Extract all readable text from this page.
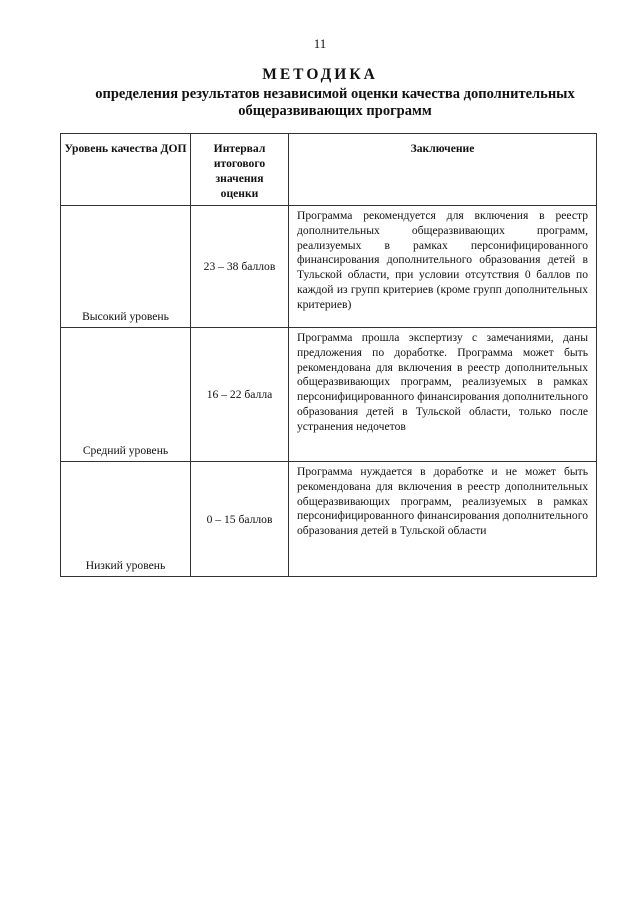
11
МЕТОДИКА
определения результатов независимой оценки качества дополнительных общеразвивающих программ
Уровень качества ДОП	Интервал итогового значения оценки	Заключение

Высокий уровень	23 – 38 баллов	Программа рекомендуется для включения в реестр дополнительных общеразвивающих программ, реализуемых в рамках персонифицированного финансирования дополнительного образования детей в Тульской области, при условии отсутствия 0 баллов по каждой из групп критериев (кроме групп дополнительных критериев)

Средний уровень	16 – 22 балла	Программа прошла экспертизу с замечаниями, даны предложения по доработке. Программа может быть рекомендована для включения в реестр дополнительных общеразвивающих программ, реализуемых в рамках персонифицированного финансирования дополнительного образования детей в Тульской области, только после устранения недочетов

Низкий уровень	0 – 15 баллов	Программа нуждается в доработке и не может быть рекомендована для включения в реестр дополнительных общеразвивающих программ, реализуемых в рамках персонифицированного финансирования дополнительного образования детей в Тульской области
